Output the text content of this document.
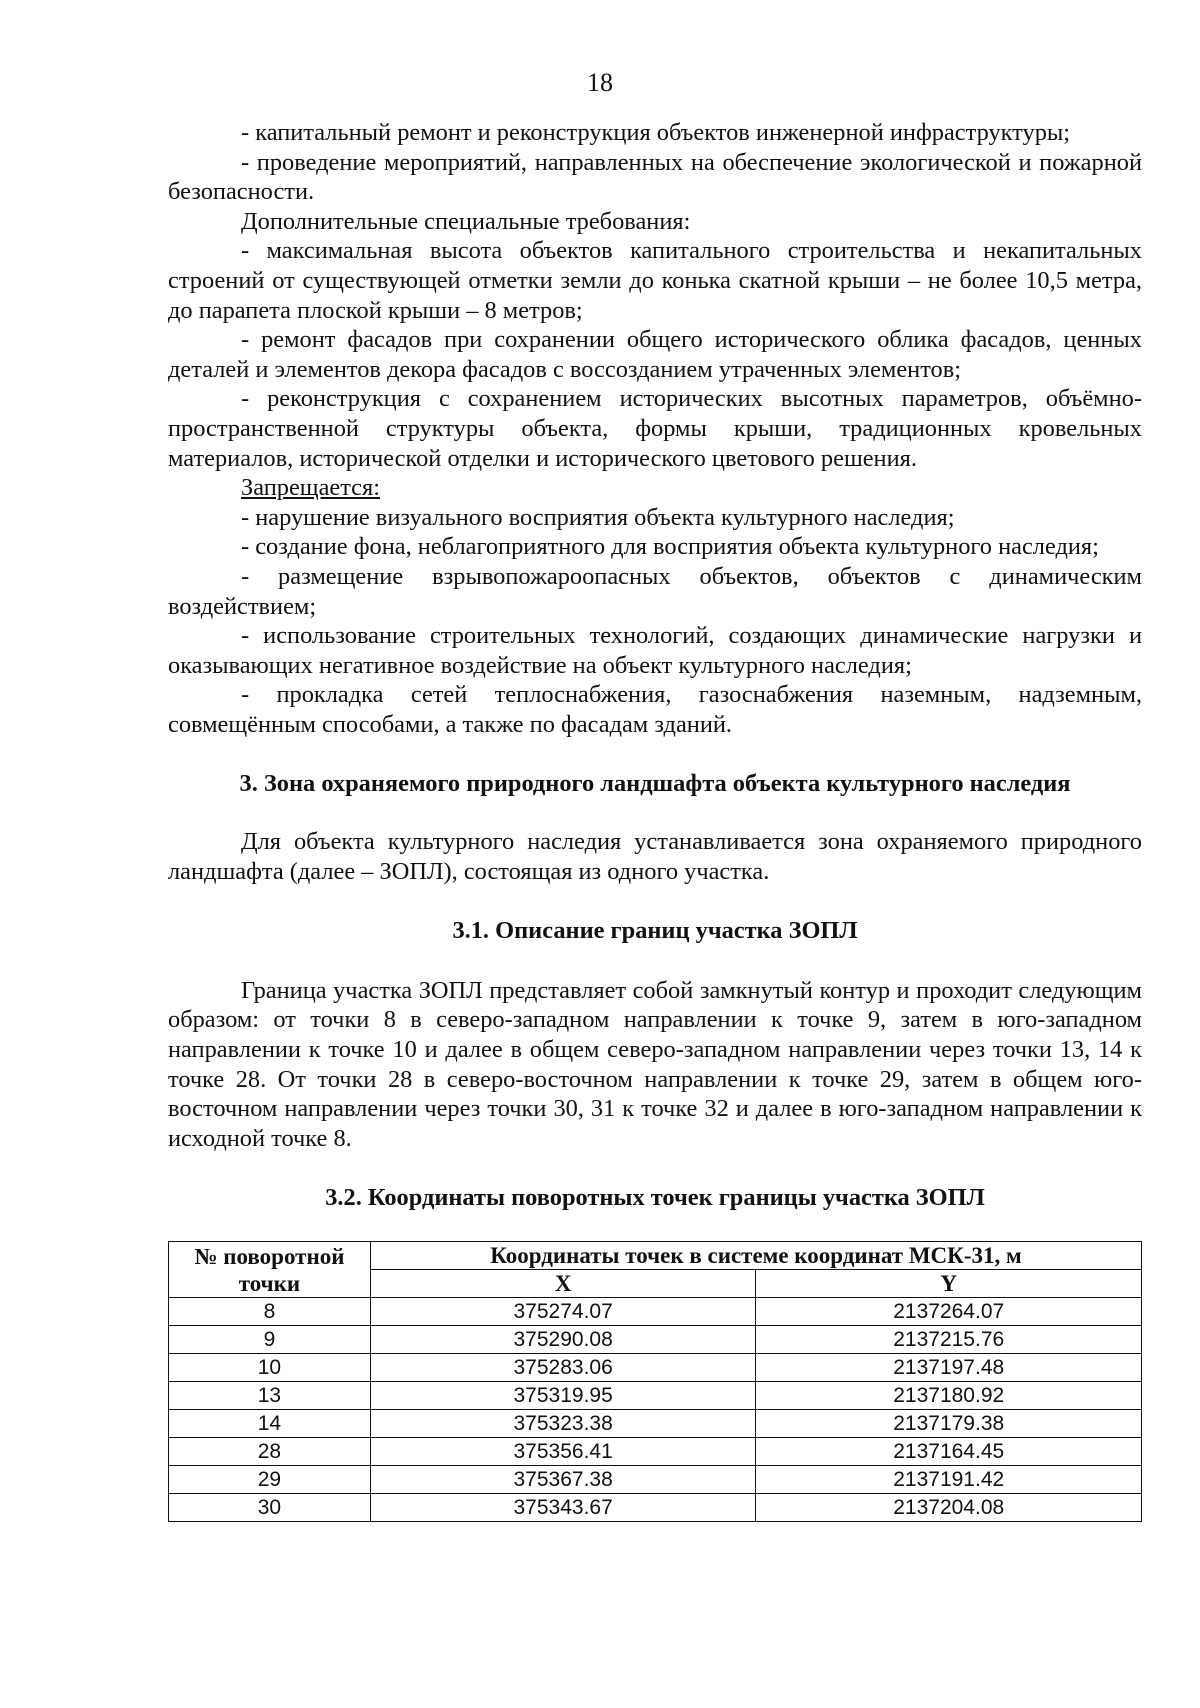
18

- капитальный ремонт и реконструкция объектов инженерной инфраструктуры;

- проведение мероприятий, направленных на обеспечение экологической и пожарной безопасности.

Дополнительные специальные требования:

- максимальная высота объектов капитального строительства и некапитальных строений от существующей отметки земли до конька скатной крыши – не более 10,5 метра, до парапета плоской крыши – 8 метров;

- ремонт фасадов при сохранении общего исторического облика фасадов, ценных деталей и элементов декора фасадов с воссозданием утраченных элементов;

- реконструкция с сохранением исторических высотных параметров, объёмно-пространственной структуры объекта, формы крыши, традиционных кровельных материалов, исторической отделки и исторического цветового решения.

Запрещается:

- нарушение визуального восприятия объекта культурного наследия;

- создание фона, неблагоприятного для восприятия объекта культурного наследия;

- размещение взрывопожароопасных объектов, объектов с динамическим воздействием;

- использование строительных технологий, создающих динамические нагрузки и оказывающих негативное воздействие на объект культурного наследия;

- прокладка сетей теплоснабжения, газоснабжения наземным, надземным, совмещённым способами, а также по фасадам зданий.

3. Зона охраняемого природного ландшафта объекта культурного наследия

Для объекта культурного наследия устанавливается зона охраняемого природного ландшафта (далее – ЗОПЛ), состоящая из одного участка.

3.1. Описание границ участка ЗОПЛ

Граница участка ЗОПЛ представляет собой замкнутый контур и проходит следующим образом: от точки 8 в северо-западном направлении к точке 9, затем в юго-западном направлении к точке 10 и далее в общем северо-западном направлении через точки 13, 14 к точке 28. От точки 28 в северо-восточном направлении к точке 29, затем в общем юго-восточном направлении через точки 30, 31 к точке 32 и далее в юго-западном направлении к исходной точке 8.

3.2. Координаты поворотных точек границы участка ЗОПЛ
№ поворотной
точки	Координаты точек в системе координат МСК-31, м	
	X	Y
8	375274.07	2137264.07
9	375290.08	2137215.76
10	375283.06	2137197.48
13	375319.95	2137180.92
14	375323.38	2137179.38
28	375356.41	2137164.45
29	375367.38	2137191.42
30	375343.67	2137204.08
